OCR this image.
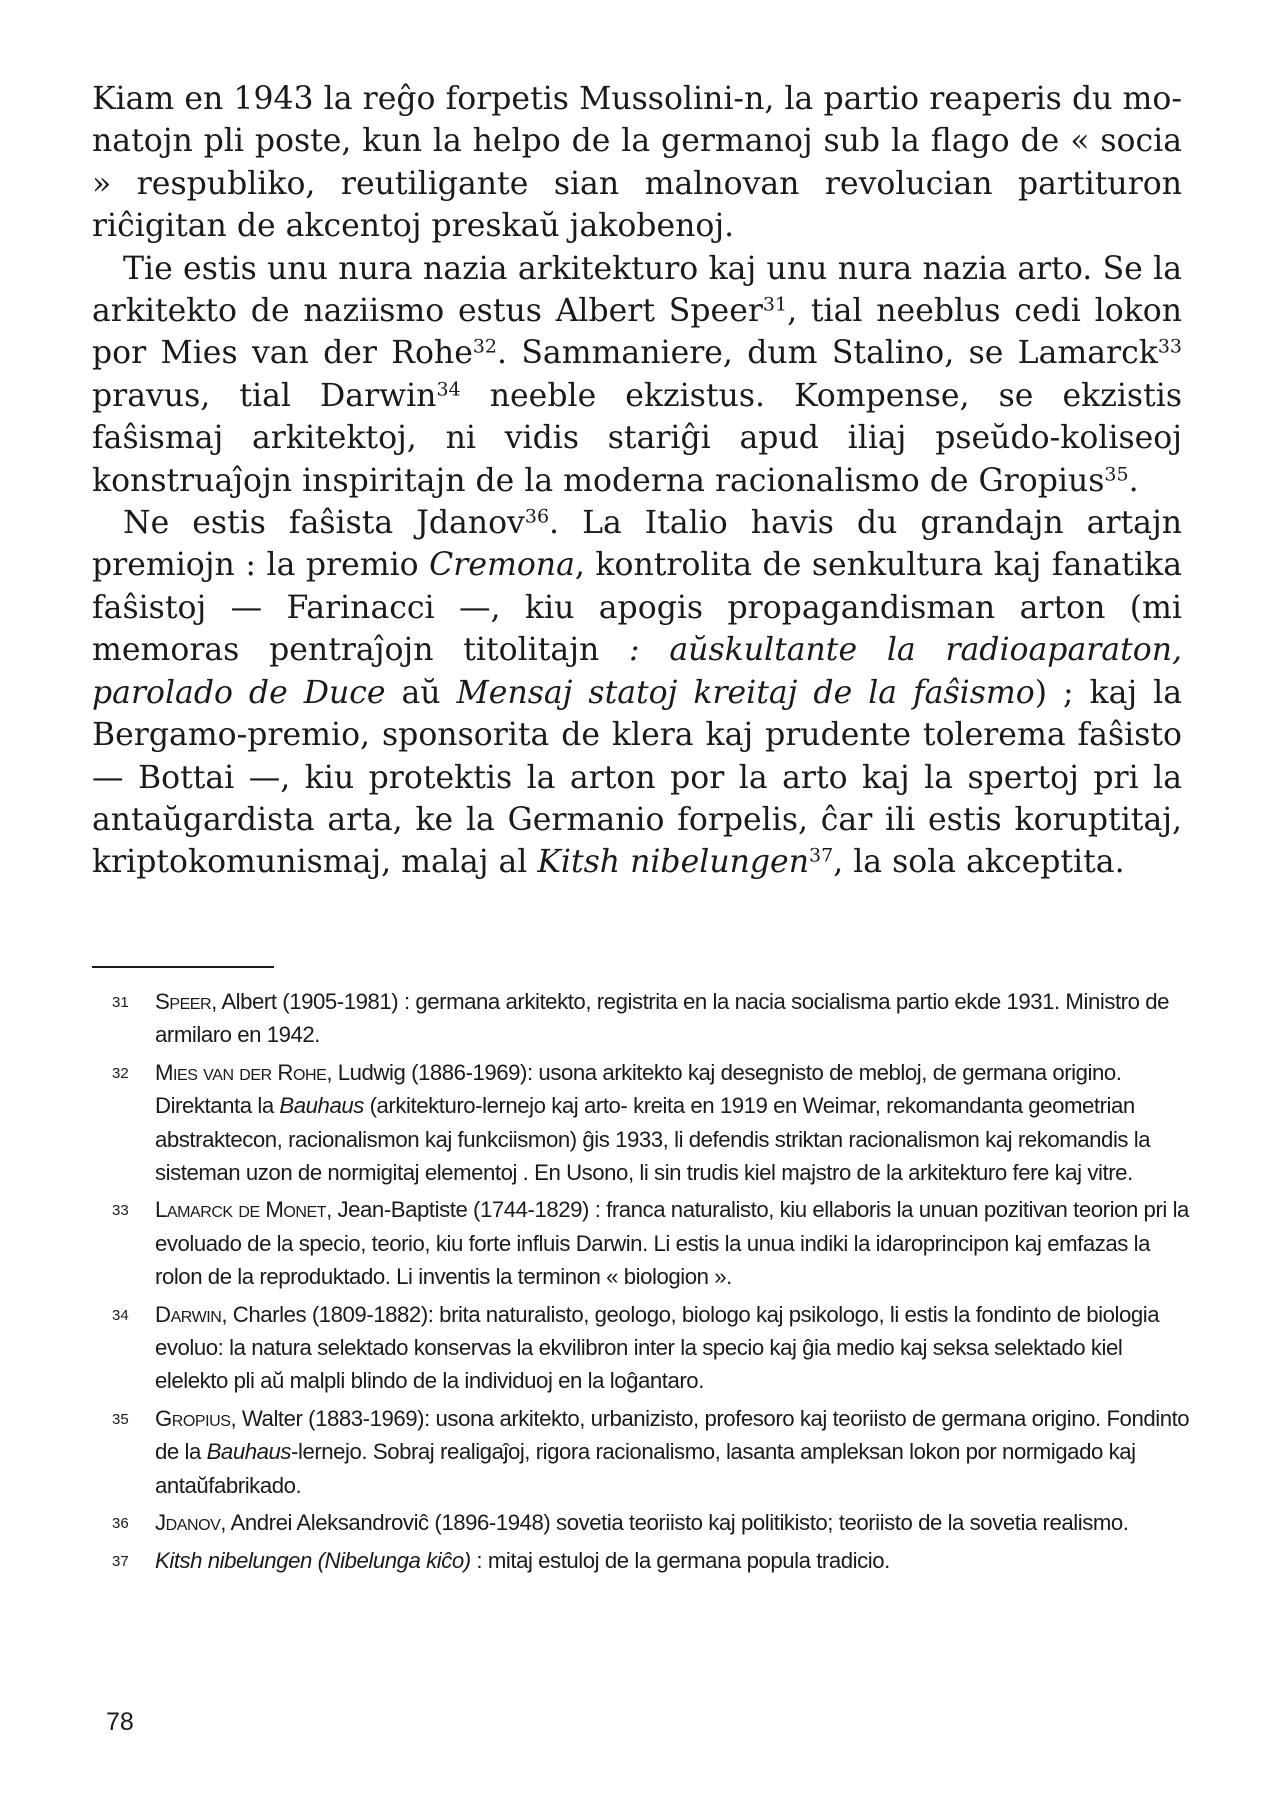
Kiam en 1943 la reĝo forpetis Mussolini-n, la partio reaperis du mo-natojn pli poste, kun la helpo de la germanoj sub la flago de « socia » respubliko, reutiligante sian malnovan revolucian partituron riĉigitan de akcentoj preskaŭ jakobenoj.

Tie estis unu nura nazia arkitekturo kaj unu nura nazia arto. Se la arkitekto de naziismo estus Albert Speer$^{31}$, tial neeblus cedi lokon por Mies van der Rohe$^{32}$. Sammaniere, dum Stalino, se Lamarck$^{33}$ pravus, tial Darwin$^{34}$ neeble ekzistus. Kompense, se ekzistis faŝismaj arkitektoj, ni vidis stariĝi apud iliaj pseŭdo-koliseoj konstruaĵojn inspiritajn de la moderna racionalismo de Gropius$^{35}$.

Ne estis faŝista Jdanov$^{36}$. La Italio havis du grandajn artajn premiojn : la premio Cremona, kontrolita de senkultura kaj fanatika faŝistoj — Farinacci —, kiu apogis propagandisman arton (mi memoras pentraĵojn titolitajn : aŭskultante la radioaparaton, parolado de Duce aŭ Mensaj statoj kreitaj de la faŝismo) ; kaj la Bergamo-premio, sponsorita de klera kaj prudente tolerema faŝisto — Bottai —, kiu protektis la arton por la arto kaj la spertoj pri la antaŭgardista arta, ke la Germanio forpelis, ĉar ili estis koruptitaj, kriptokomunismaj, malaj al Kitsh nibelungen$^{37}$, la sola akceptita.

31 Speer, Albert (1905-1981) : germana arkitekto, registrita en la nacia socialisma partio ekde 1931. Ministro de armilaro en 1942.
32 Mies van der Rohe, Ludwig (1886-1969): usona arkitekto kaj desegnisto de mebloj, de germana origino. Direktanta la Bauhaus (arkitekturo-lernejo kaj arto- kreita en 1919 en Weimar, rekomandanta geometrian abstraktecon, racionalismon kaj funkciismon) ĝis 1933, li defendis striktan racionalismon kaj rekomandis la sisteman uzon de normigitaj elementoj . En Usono, li sin trudis kiel majstro de la arkitekturo fere kaj vitre.
33 Lamarck de Monet, Jean-Baptiste (1744-1829) : franca naturalisto, kiu ellaboris la unuan pozitivan teorion pri la evoluado de la specio, teorio, kiu forte influis Darwin. Li estis la unua indiki la idaroprincipon kaj emfazas la rolon de la reproduktado. Li inventis la terminon « biologion ».
34 Darwin, Charles (1809-1882): brita naturalisto, geologo, biologo kaj psikologo, li estis la fondinto de biologia evoluo: la natura selektado konservas la ekvilibron inter la specio kaj ĝia medio kaj seksa selektado kiel elelekto pli aŭ malpli blindo de la individuoj en la loĝantaro.
35 Gropius, Walter (1883-1969): usona arkitekto, urbanizisto, profesoro kaj teoriisto de germana origino. Fondinto de la Bauhaus-lernejo. Sobraj realigaĵoj, rigora racionalismo, lasanta ampleksan lokon por normigado kaj antaŭfabrikado.
36 Jdanov, Andrei Aleksandroviĉ (1896-1948) sovetia teoriisto kaj politikisto; teoriisto de la sovetia realismo.
37 Kitsh nibelungen (Nibelunga kiĉo) : mitaj estuloj de la germana popula tradicio.
78
